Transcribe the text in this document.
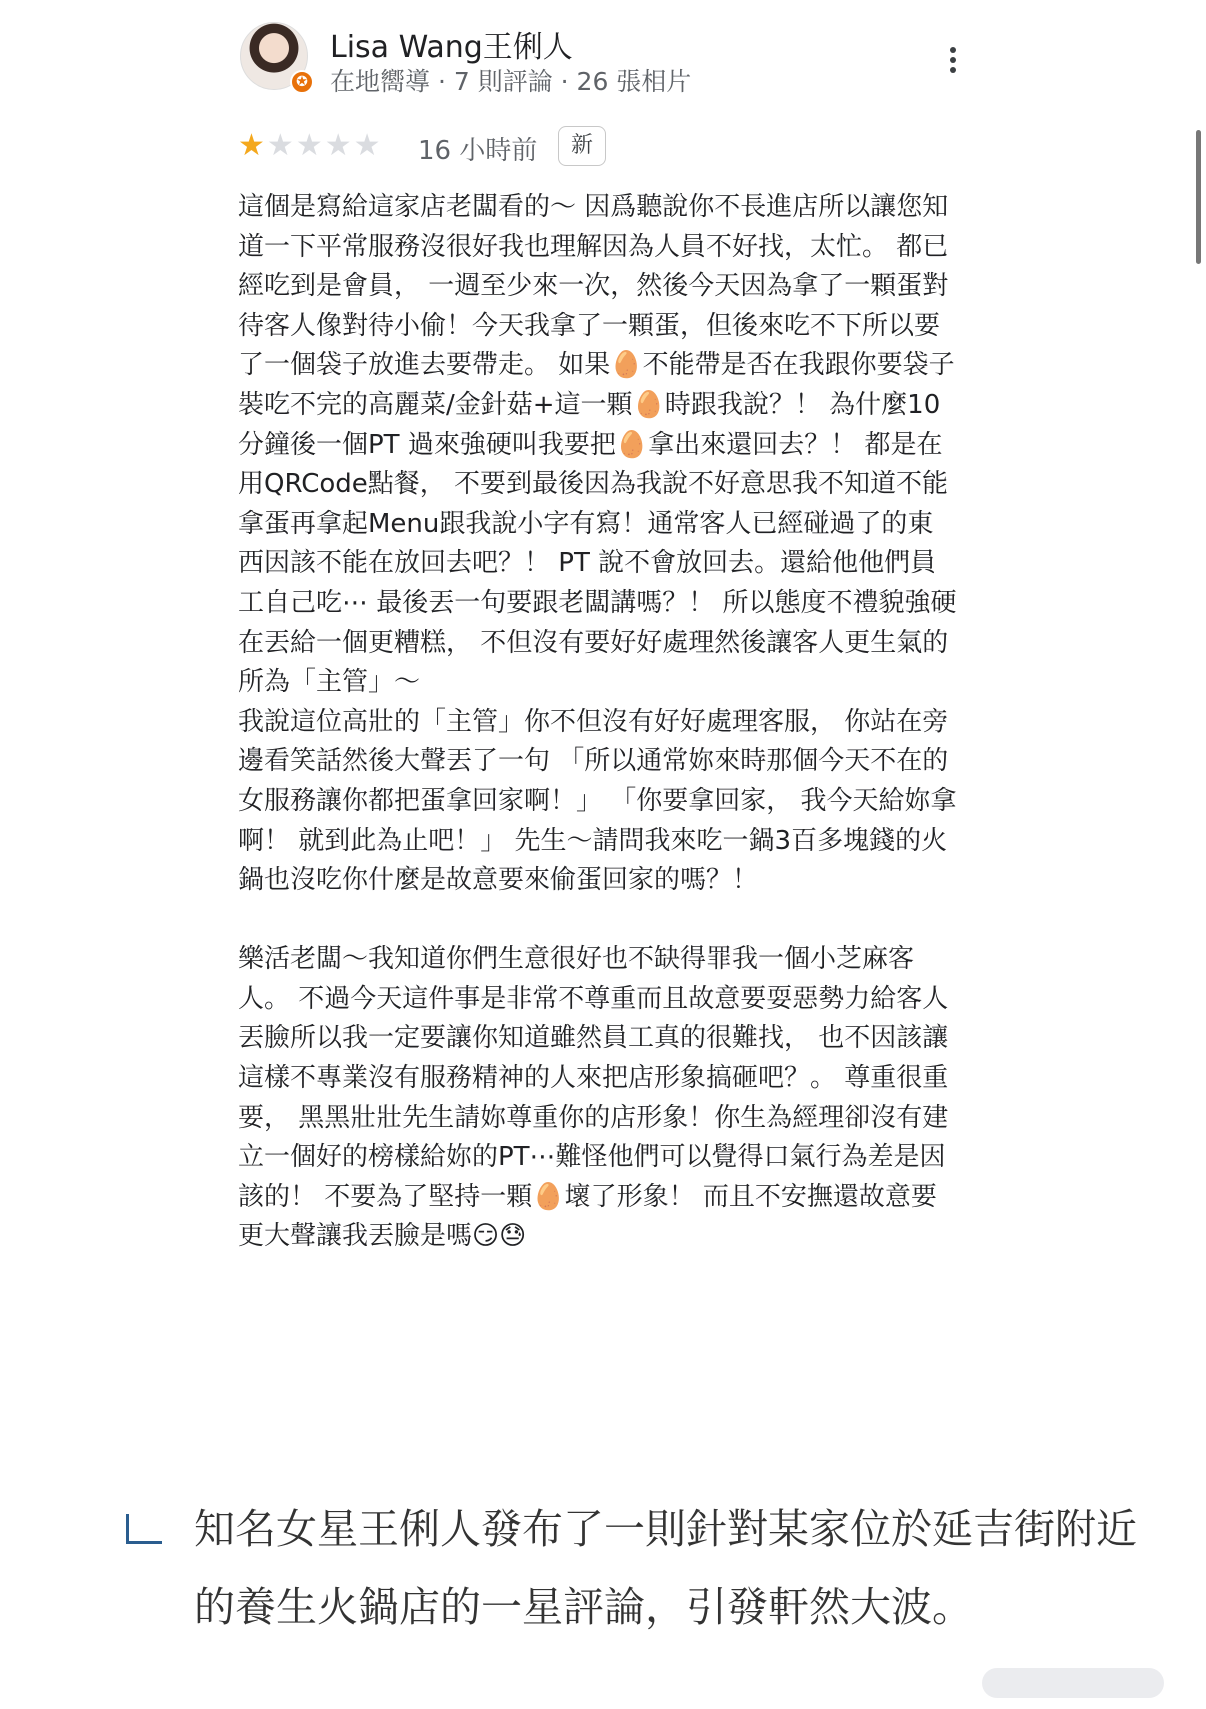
✪
Lisa Wang王俐人
在地嚮導 · 7 則評論 · 26 張相片
★★★★★ 16 小時前	新

這個是寫給這家店老闆看的～ 因爲聽說你不長進店所以讓您知道一下平常服務沒很好我也理解因為人員不好找，太忙。 都已經吃到是會員， 一週至少來一次，然後今天因為拿了一顆蛋對待客人像對待小偷！今天我拿了一顆蛋，但後來吃不下所以要了一個袋子放進去要帶走。 如果🥚不能帶是否在我跟你要袋子裝吃不完的高麗菜/金針菇+這一顆🥚時跟我說？！ 為什麼10分鐘後一個PT 過來強硬叫我要把🥚拿出來還回去？！ 都是在用QRCode點餐， 不要到最後因為我說不好意思我不知道不能拿蛋再拿起Menu跟我說小字有寫！通常客人已經碰過了的東西因該不能在放回去吧？！ PT 說不會放回去。還給他他們員工自己吃⋯ 最後丟一句要跟老闆講嗎？！ 所以態度不禮貌強硬在丟給一個更糟糕， 不但沒有要好好處理然後讓客人更生氣的所為「主管」～

我說這位高壯的「主管」你不但沒有好好處理客服， 你站在旁邊看笑話然後大聲丟了一句 「所以通常妳來時那個今天不在的女服務讓你都把蛋拿回家啊！」 「你要拿回家， 我今天給妳拿啊！ 就到此為止吧！」 先生～請問我來吃一鍋3百多塊錢的火鍋也沒吃你什麼是故意要來偷蛋回家的嗎？！

樂活老闆～我知道你們生意很好也不缺得罪我一個小芝麻客人。 不過今天這件事是非常不尊重而且故意要耍惡勢力給客人丟臉所以我一定要讓你知道雖然員工真的很難找， 也不因該讓這樣不專業沒有服務精神的人來把店形象搞砸吧？。 尊重很重要， 黑黑壯壯先生請妳尊重你的店形象！你生為經理卻沒有建立一個好的榜樣給妳的PT⋯難怪他們可以覺得口氣行為差是因該的！ 不要為了堅持一顆🥚壞了形象！ 而且不安撫還故意要更大聲讓我丟臉是嗎😏😓

知名女星王俐人發布了一則針對某家位於延吉街附近的養生火鍋店的一星評論，引發軒然大波。
